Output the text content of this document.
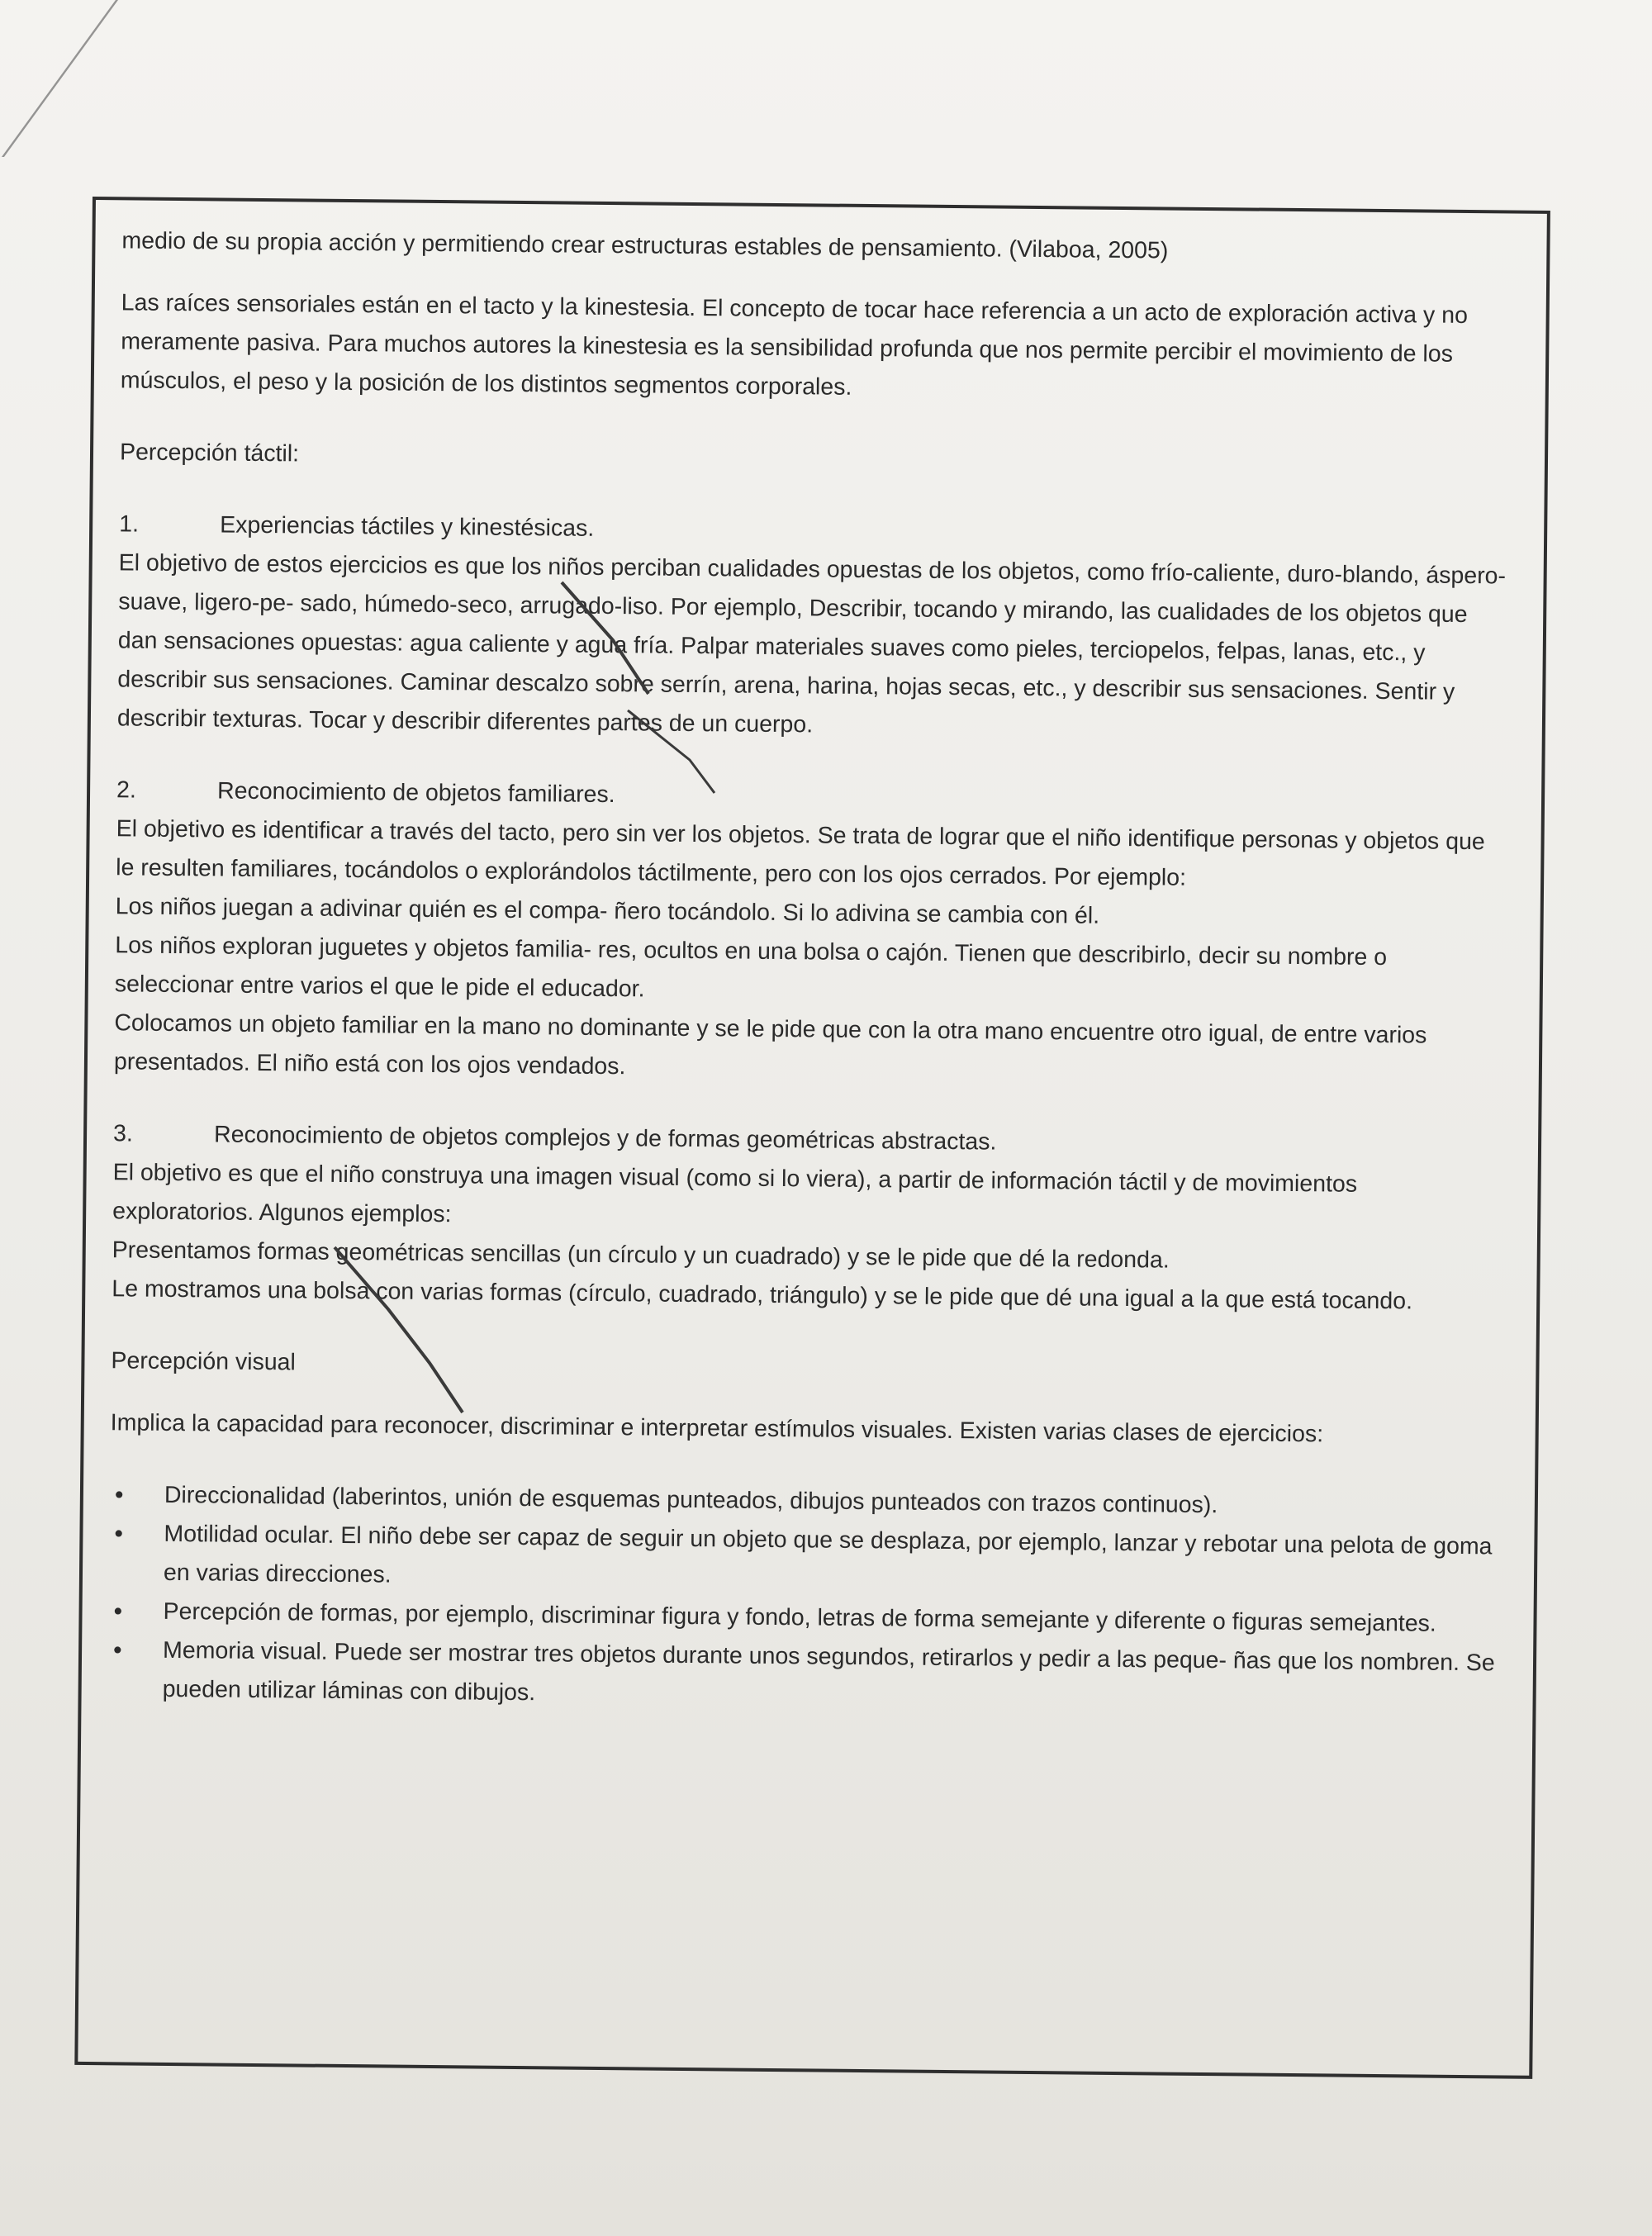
medio de su propia acción y permitiendo crear estructuras estables de pensamiento. (Vilaboa, 2005)

Las raíces sensoriales están en el tacto y la kinestesia. El concepto de tocar hace referencia a un acto de exploración activa y no meramente pasiva. Para muchos autores la kinestesia es la sensibilidad profunda que nos permite percibir el movimiento de los músculos, el peso y la posición de los distintos segmentos corporales.

Percepción táctil:
1.	Experiencias táctiles y kinestésicas.

El objetivo de estos ejercicios es que los niños perciban cualidades opuestas de los objetos, como frío-caliente, duro-blando, áspero-suave, ligero-pe- sado, húmedo-seco, arrugado-liso. Por ejemplo, Describir, tocando y mirando, las cualidades de los objetos que dan sensaciones opuestas: agua caliente y agua fría. Palpar materiales suaves como pieles, terciopelos, felpas, lanas, etc., y describir sus sensaciones. Caminar descalzo sobre serrín, arena, harina, hojas secas, etc., y describir sus sensaciones. Sentir y describir texturas. Tocar y describir diferentes partes de un cuerpo.

2.	Reconocimiento de objetos familiares.

El objetivo es identificar a través del tacto, pero sin ver los objetos. Se trata de lograr que el niño identifique personas y objetos que le resulten familiares, tocándolos o explorándolos táctilmente, pero con los ojos cerrados. Por ejemplo:

Los niños juegan a adivinar quién es el compa- ñero tocándolo. Si lo adivina se cambia con él.

Los niños exploran juguetes y objetos familia- res, ocultos en una bolsa o cajón. Tienen que describirlo, decir su nombre o seleccionar entre varios el que le pide el educador.

Colocamos un objeto familiar en la mano no dominante y se le pide que con la otra mano encuentre otro igual, de entre varios presentados. El niño está con los ojos vendados.

3.	Reconocimiento de objetos complejos y de formas geométricas abstractas.

El objetivo es que el niño construya una imagen visual (como si lo viera), a partir de información táctil y de movimientos exploratorios. Algunos ejemplos:

Presentamos formas geométricas sencillas (un círculo y un cuadrado) y se le pide que dé la redonda.

Le mostramos una bolsa con varias formas (círculo, cuadrado, triángulo) y se le pide que dé una igual a la que está tocando.

Percepción visual

Implica la capacidad para reconocer, discriminar e interpretar estímulos visuales. Existen varias clases de ejercicios:

•	Direccionalidad (laberintos, unión de esquemas punteados, dibujos punteados con trazos continuos).
•	Motilidad ocular. El niño debe ser capaz de seguir un objeto que se desplaza, por ejemplo, lanzar y rebotar una pelota de goma en varias direcciones.
•	Percepción de formas, por ejemplo, discriminar figura y fondo, letras de forma semejante y diferente o figuras semejantes.
•	Memoria visual. Puede ser mostrar tres objetos durante unos segundos, retirarlos y pedir a las peque- ñas que los nombren. Se pueden utilizar láminas con dibujos.
